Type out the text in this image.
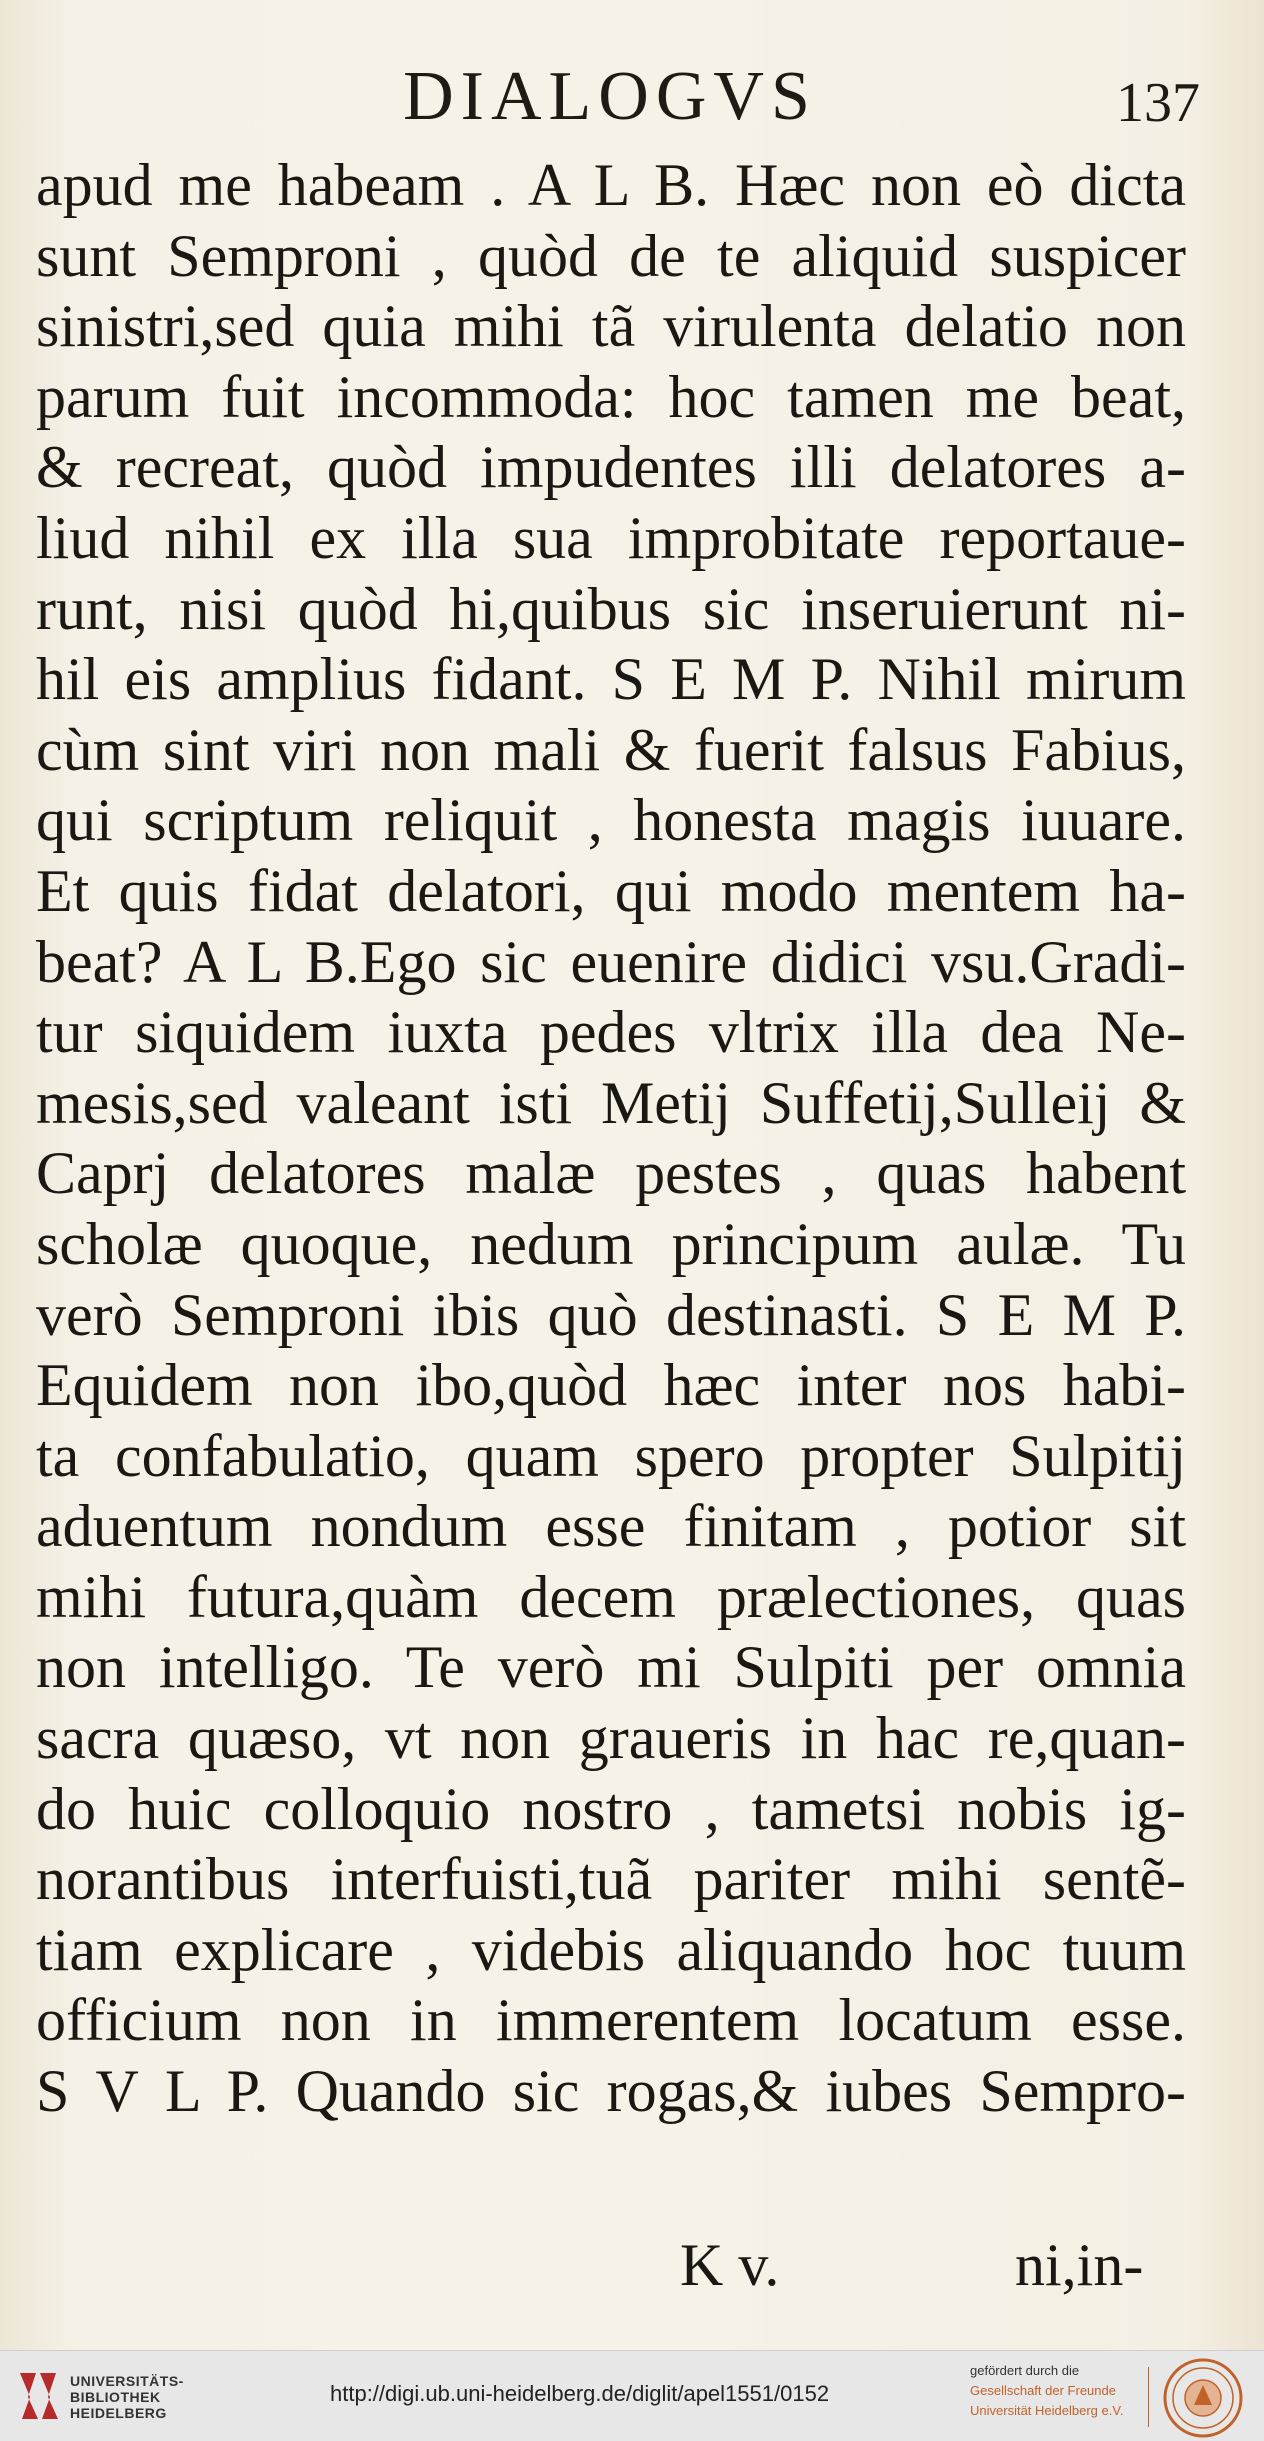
DIALOGVS	137
apud me habeam . A L B. Hæc non eò dicta
sunt Semproni , quòd de te aliquid suspicer
sinistri,sed quia mihi tã virulenta delatio non
parum fuit incommoda: hoc tamen me beat,
& recreat, quòd impudentes illi delatores a-
liud nihil ex illa sua improbitate reportaue-
runt, nisi quòd hi,quibus sic inseruierunt ni-
hil eis amplius fidant. S E M P. Nihil mirum
cùm sint viri non mali & fuerit falsus Fabius,
qui scriptum reliquit , honesta magis iuuare.
Et quis fidat delatori, qui modo mentem ha-
beat? A L B.Ego sic euenire didici vsu.Gradi-
tur siquidem iuxta pedes vltrix illa dea Ne-
mesis,sed valeant isti Metij Suffetij,Sulleij &
Caprj delatores malæ pestes , quas habent
scholæ quoque, nedum principum aulæ. Tu
verò Semproni ibis quò destinasti. S E M P.
Equidem non ibo,quòd hæc inter nos habi-
ta confabulatio, quam spero propter Sulpitij
aduentum nondum esse finitam , potior sit
mihi futura,quàm decem prælectiones, quas
non intelligo. Te verò mi Sulpiti per omnia
sacra quæso, vt non graueris in hac re,quan-
do huic colloquio nostro , tametsi nobis ig-
norantibus interfuisti,tuã pariter mihi sentẽ-
tiam explicare , videbis aliquando hoc tuum
officium non in immerentem locatum esse.
S V L P. Quando sic rogas,& iubes Sempro-
K v.	ni,in-
UNIVERSITÄTS-
BIBLIOTHEK
HEIDELBERG
http://digi.ub.uni-heidelberg.de/diglit/apel1551/0152
gefördert durch die
Gesellschaft der Freunde
Universität Heidelberg e.V.
